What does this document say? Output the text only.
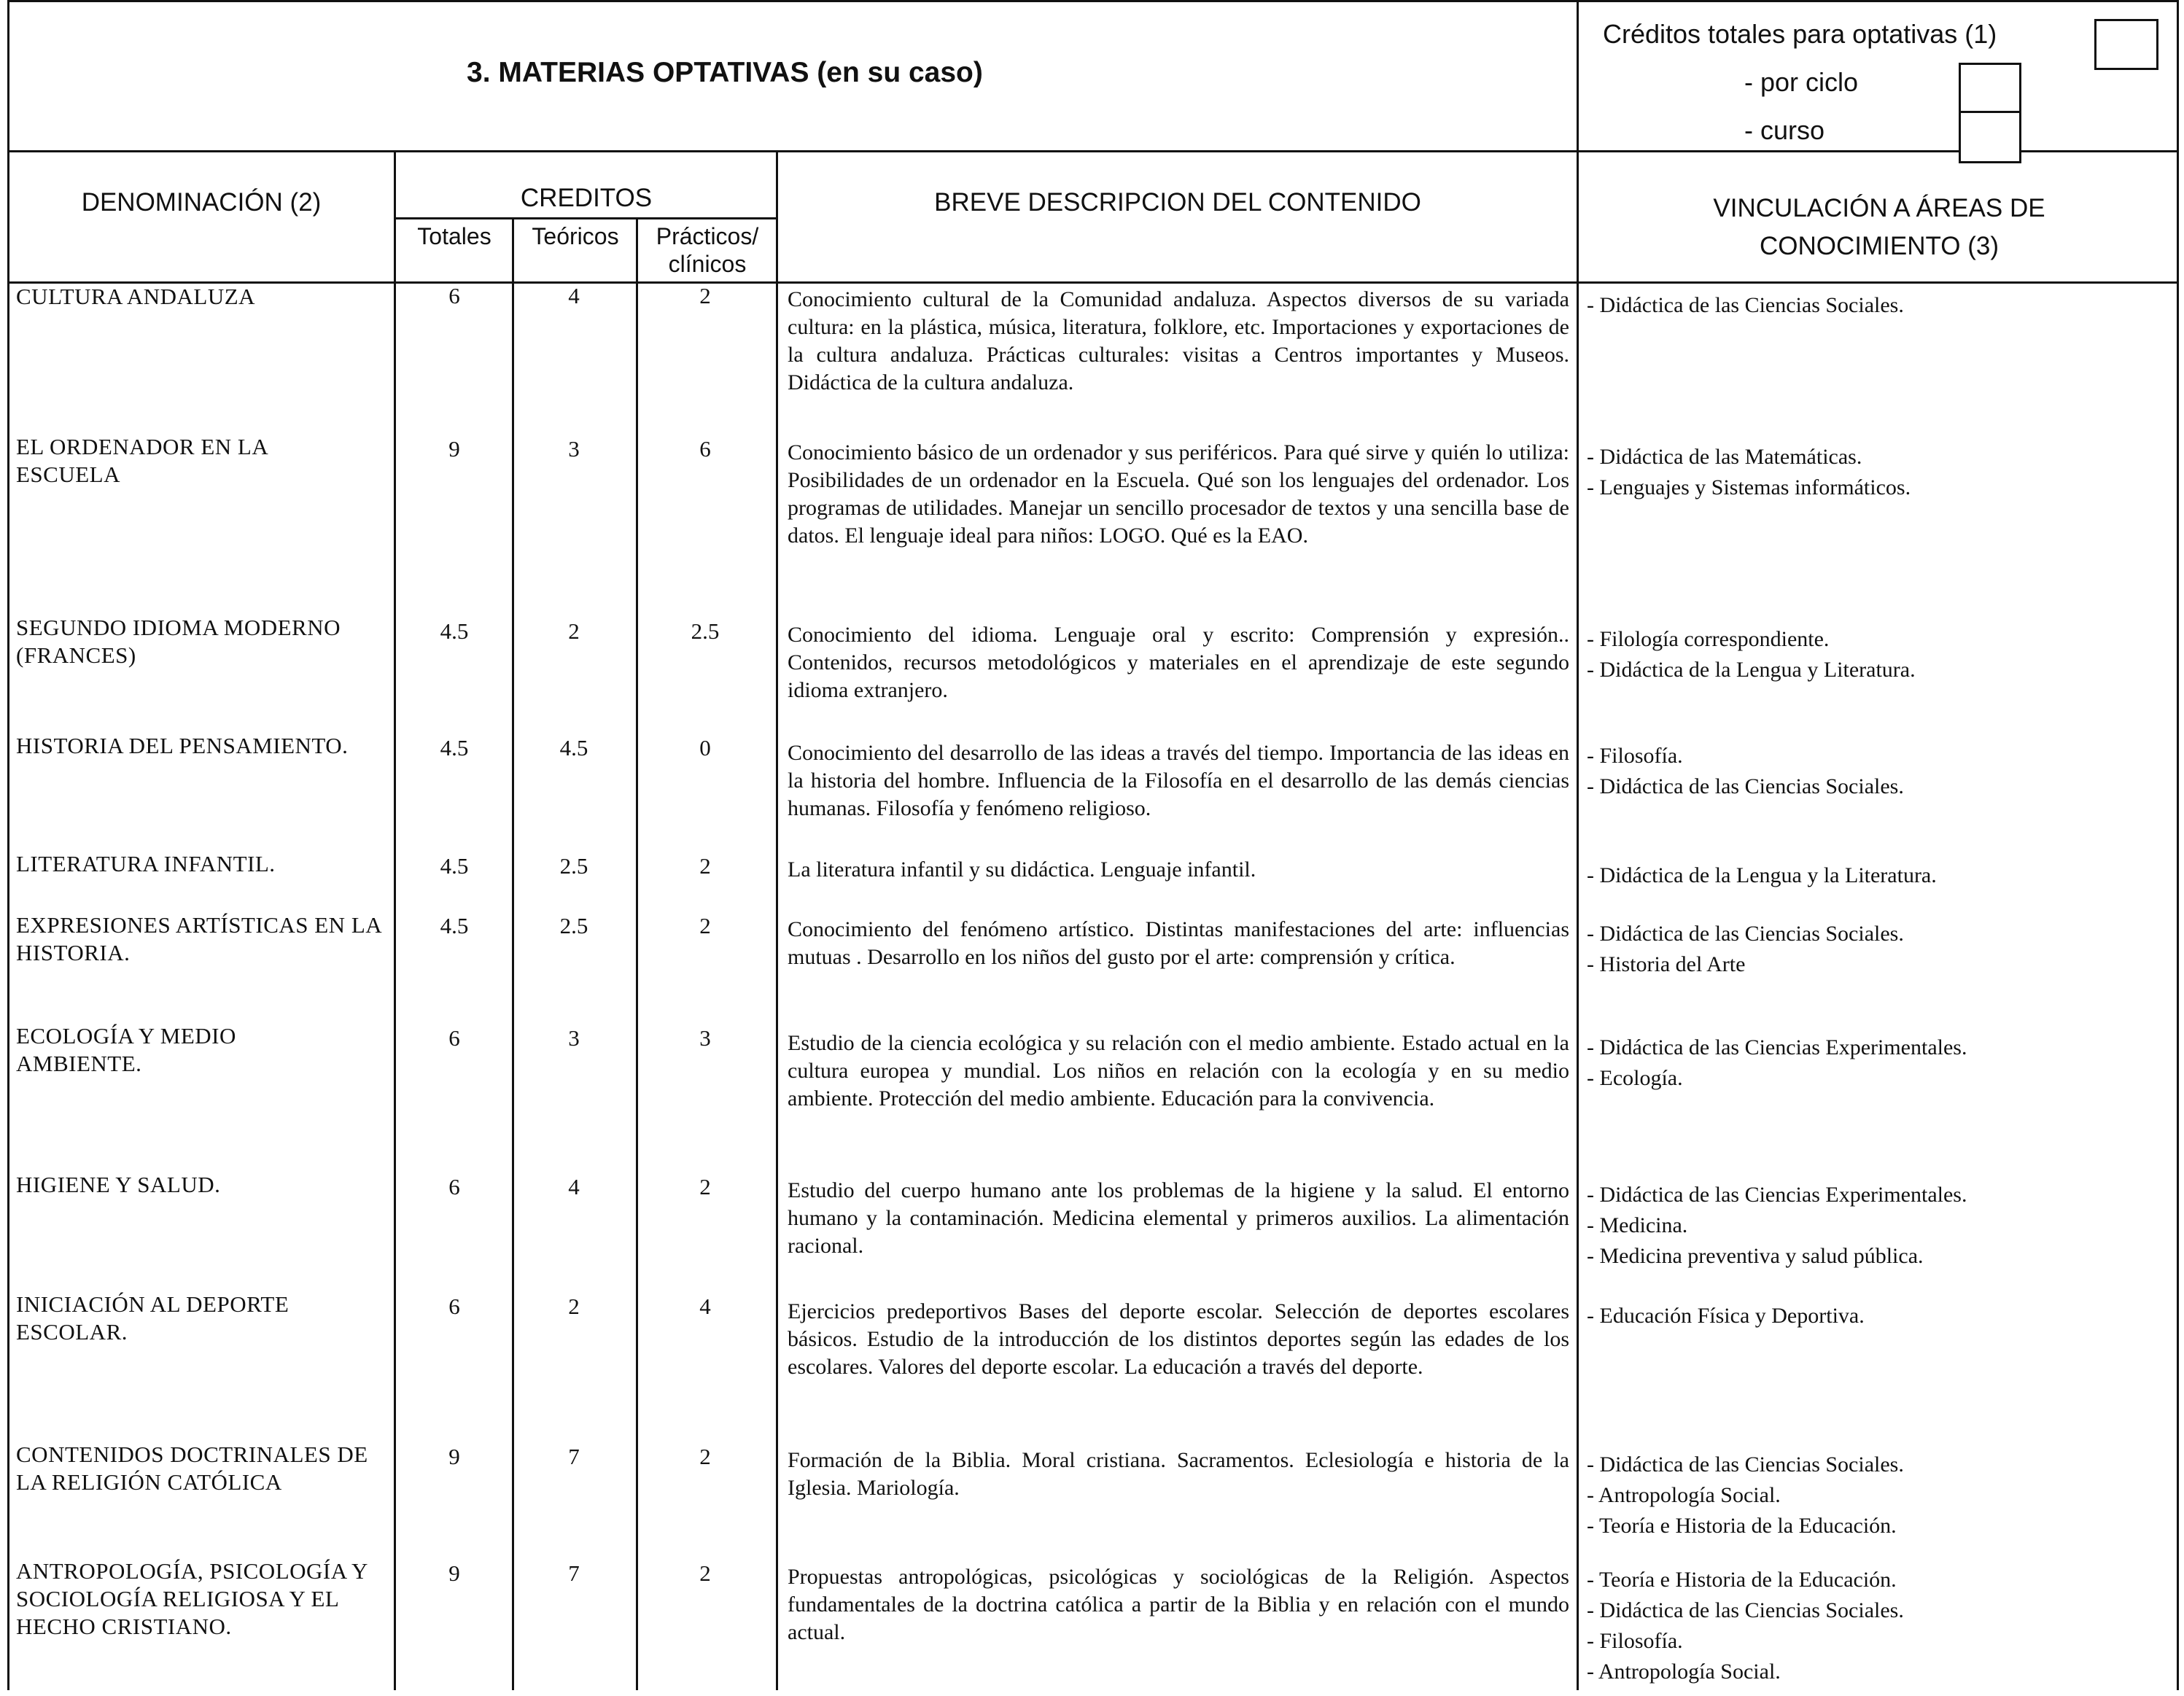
3. MATERIAS OPTATIVAS (en su caso)
Créditos totales para optativas (1)
- por ciclo
- curso
DENOMINACIÓN (2)	CREDITOS
Totales	Teóricos	Prácticos/
clínicos
BREVE DESCRIPCION DEL CONTENIDO	VINCULACIÓN A ÁREAS DE
CONOCIMIENTO (3)
CULTURA ANDALUZA	6	4	2	Conocimiento cultural de la Comunidad andaluza. Aspectos diversos de su variada cultura: en la plástica, música, literatura, folklore, etc. Importaciones y exportaciones de la cultura andaluza. Prácticas culturales: visitas a Centros importantes y Museos. Didáctica de la cultura andaluza.
- Didáctica de las Ciencias Sociales.
EL ORDENADOR EN LA ESCUELA
9	3	6	Conocimiento básico de un ordenador y sus periféricos. Para qué sirve y quién lo utiliza: Posibilidades de un ordenador en la Escuela. Qué son los lenguajes del ordenador. Los programas de utilidades. Manejar un sencillo procesador de textos y una sencilla base de datos. El lenguaje ideal para niños: LOGO. Qué es la EAO.
- Didáctica de las Matemáticas.
- Lenguajes y Sistemas informáticos.
SEGUNDO IDIOMA MODERNO (FRANCES)
4.5	2	2.5	Conocimiento del idioma. Lenguaje oral y escrito: Comprensión y expresión.. Contenidos, recursos metodológicos y materiales en el aprendizaje de este segundo idioma extranjero.
- Filología correspondiente.
- Didáctica de la Lengua y Literatura.
HISTORIA DEL PENSAMIENTO.	4.5	4.5	0	Conocimiento del desarrollo de las ideas a través del tiempo. Importancia de las ideas en la historia del hombre. Influencia de la Filosofía en el desarrollo de las demás ciencias humanas. Filosofía y fenómeno religioso.
- Filosofía.
- Didáctica de las Ciencias Sociales.
LITERATURA INFANTIL.	4.5	2.5	2	La literatura infantil y su didáctica. Lenguaje infantil.	- Didáctica de la Lengua y la Literatura.
EXPRESIONES ARTÍSTICAS EN LA HISTORIA.
4.5	2.5	2	Conocimiento del fenómeno artístico. Distintas manifestaciones del arte: influencias mutuas . Desarrollo en los niños del gusto por el arte: comprensión y crítica.
- Didáctica de las Ciencias Sociales.
- Historia del Arte
ECOLOGÍA Y MEDIO AMBIENTE.
6	3	3	Estudio de la ciencia ecológica y su relación con el medio ambiente. Estado actual en la cultura europea y mundial. Los niños en relación con la ecología y en su medio ambiente. Protección del medio ambiente. Educación para la convivencia.
- Didáctica de las Ciencias Experimentales.
- Ecología.
HIGIENE Y SALUD.	6	4	2	Estudio del cuerpo humano ante los problemas de la higiene y la salud. El entorno humano y la contaminación. Medicina elemental y primeros auxilios. La alimentación racional.
- Didáctica de las Ciencias Experimentales.
- Medicina.
- Medicina preventiva y salud pública.
INICIACIÓN AL DEPORTE ESCOLAR.
6	2	4	Ejercicios predeportivos Bases del deporte escolar. Selección de deportes escolares básicos. Estudio de la introducción de los distintos deportes según las edades de los escolares. Valores del deporte escolar. La educación a través del deporte.
- Educación Física y Deportiva.
CONTENIDOS DOCTRINALES DE LA RELIGIÓN CATÓLICA
9	7	2	Formación de la Biblia. Moral cristiana. Sacramentos. Eclesiología e historia de la Iglesia. Mariología.
- Didáctica de las Ciencias Sociales.
- Antropología Social.
- Teoría e Historia de la Educación.
ANTROPOLOGÍA, PSICOLOGÍA Y SOCIOLOGÍA RELIGIOSA Y EL HECHO CRISTIANO.
9	7	2	Propuestas antropológicas, psicológicas y sociológicas de la Religión. Aspectos fundamentales de la doctrina católica a partir de la Biblia y en relación con el mundo actual.
- Teoría e Historia de la Educación.
- Didáctica de las Ciencias Sociales.
- Filosofía.
- Antropología Social.
